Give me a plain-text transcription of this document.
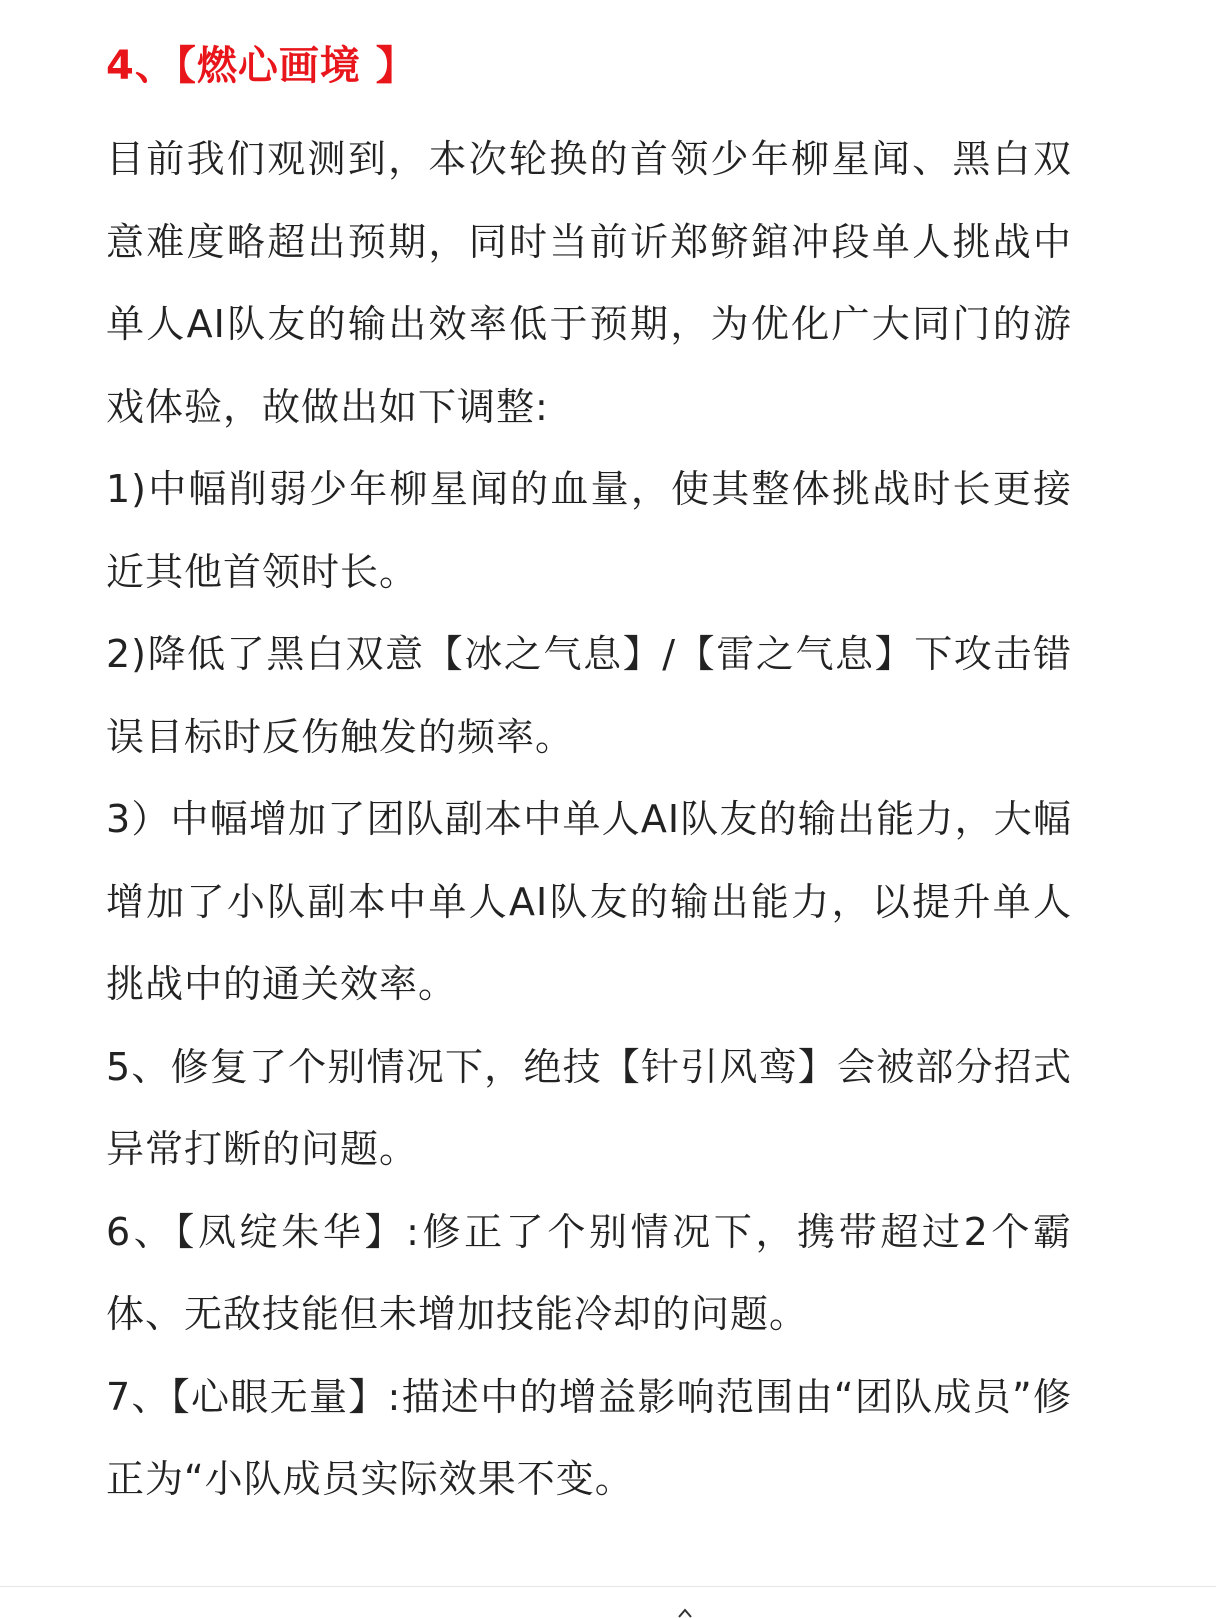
4、【燃心画境 】

目前我们观测到，本次轮换的首领少年柳星闻、黑白双意难度略超出预期，同时当前䜣郑鲚錧冲段单人挑战中单人AI队友的输出效率低于预期，为优化广大同门的游戏体验，故做出如下调整:

1)中幅削弱少年柳星闻的血量，使其整体挑战时长更接近其他首领时长。

2)降低了黑白双意【冰之气息】/【雷之气息】下攻击错误目标时反伤触发的频率。

3）中幅增加了团队副本中单人AI队友的输出能力，大幅增加了小队副本中单人AI队友的输出能力，以提升单人挑战中的通关效率。

5、修复了个别情况下，绝技【针引风鸾】会被部分招式异常打断的问题。

6、【凤绽朱华】:修正了个别情况下，携带超过2个霸体、无敌技能但未增加技能冷却的问题。

7、【心眼无量】:描述中的增益影响范围由“团队成员”修正为“小队成员实际效果不变。
